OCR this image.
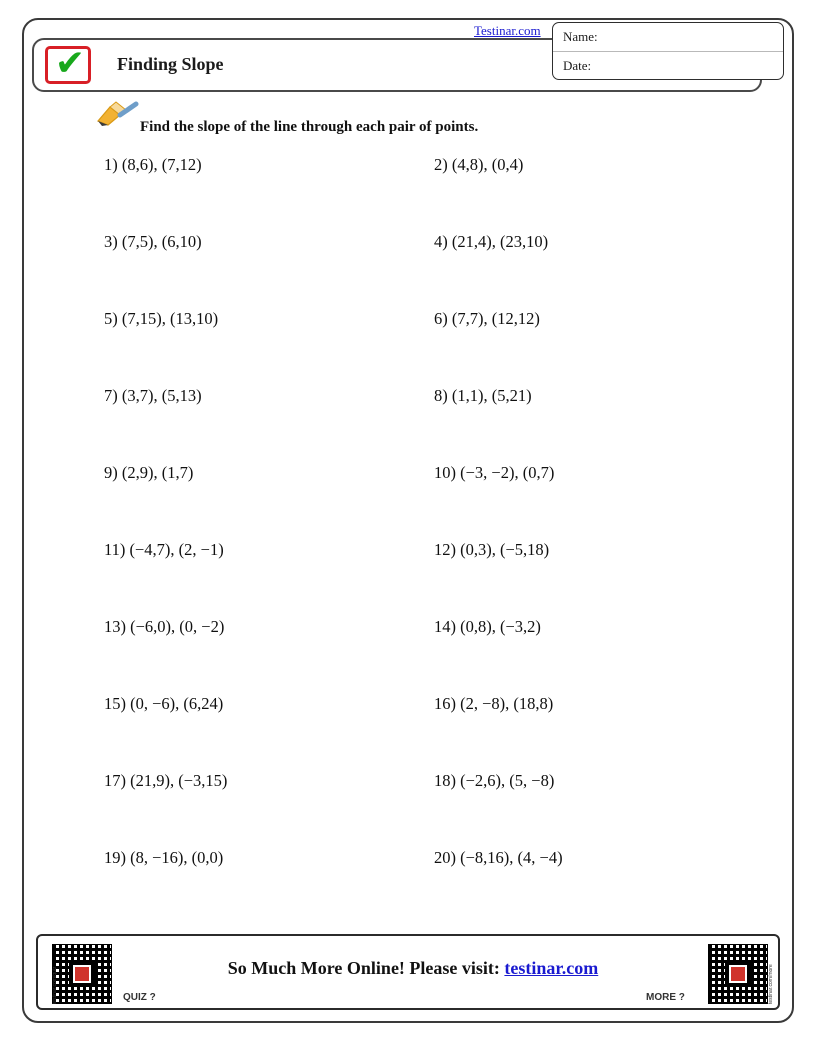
Testinar.com
✔	Finding Slope
Name:
Date:
Find the slope of the line through each pair of points.
1) (8,6), (7,12)	2) (4,8), (0,4)
3) (7,5), (6,10)	4) (21,4), (23,10)
5) (7,15), (13,10)	6) (7,7), (12,12)
7) (3,7), (5,13)	8) (1,1), (5,21)
9) (2,9), (1,7)	10) (−3, −2), (0,7)
11) (−4,7), (2, −1)	12) (0,3), (−5,18)
13) (−6,0), (0, −2)	14) (0,8), (−3,2)
15) (0, −6), (6,24)	16) (2, −8), (18,8)
17) (21,9), (−3,15)	18) (−2,6), (5, −8)
19) (8, −16), (0,0)	20) (−8,16), (4, −4)
testinar.com/quiz	So Much More Online! Please visit: testinar.com
QUIZ ?	MORE ?	testinar.com/more
